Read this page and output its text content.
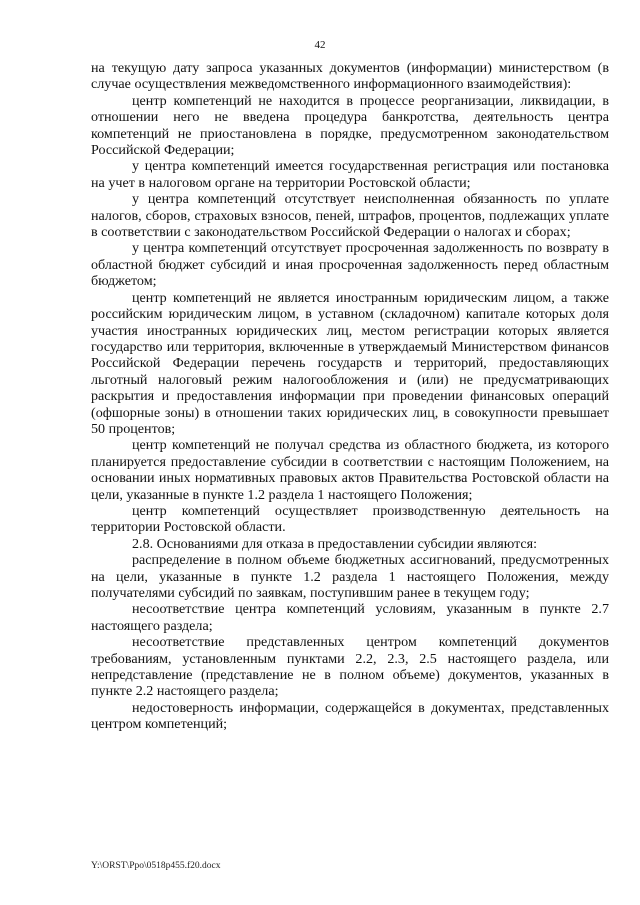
42

на текущую дату запроса указанных документов (информации) министерством (в случае осуществления межведомственного информационного взаимодействия):

центр компетенций не находится в процессе реорганизации, ликвидации, в отношении него не введена процедура банкротства, деятельность центра компетенций не приостановлена в порядке, предусмотренном законодательством Российской Федерации;

у центра компетенций имеется государственная регистрация или постановка на учет в налоговом органе на территории Ростовской области;

у центра компетенций отсутствует неисполненная обязанность по уплате налогов, сборов, страховых взносов, пеней, штрафов, процентов, подлежащих уплате в соответствии с законодательством Российской Федерации о налогах и сборах;

у центра компетенций отсутствует просроченная задолженность по возврату в областной бюджет субсидий и иная просроченная задолженность перед областным бюджетом;

центр компетенций не является иностранным юридическим лицом, а также российским юридическим лицом, в уставном (складочном) капитале которых доля участия иностранных юридических лиц, местом регистрации которых является государство или территория, включенные в утверждаемый Министерством финансов Российской Федерации перечень государств и территорий, предоставляющих льготный налоговый режим налогообложения и (или) не предусматривающих раскрытия и предоставления информации при проведении финансовых операций (офшорные зоны) в отношении таких юридических лиц, в совокупности превышает 50 процентов;

центр компетенций не получал средства из областного бюджета, из которого планируется предоставление субсидии в соответствии с настоящим Положением, на основании иных нормативных правовых актов Правительства Ростовской области на цели, указанные в пункте 1.2 раздела 1 настоящего Положения;

центр компетенций осуществляет производственную деятельность на территории Ростовской области.

2.8. Основаниями для отказа в предоставлении субсидии являются:

распределение в полном объеме бюджетных ассигнований, предусмотренных на цели, указанные в пункте 1.2 раздела 1 настоящего Положения, между получателями субсидий по заявкам, поступившим ранее в текущем году;

несоответствие центра компетенций условиям, указанным в пункте 2.7 настоящего раздела;

несоответствие представленных центром компетенций документов требованиям, установленным пунктами 2.2, 2.3, 2.5 настоящего раздела, или непредставление (представление не в полном объеме) документов, указанных в пункте 2.2 настоящего раздела;

недостоверность информации, содержащейся в документах, представленных центром компетенций;

Y:\ORST\Ppo\0518p455.f20.docx
